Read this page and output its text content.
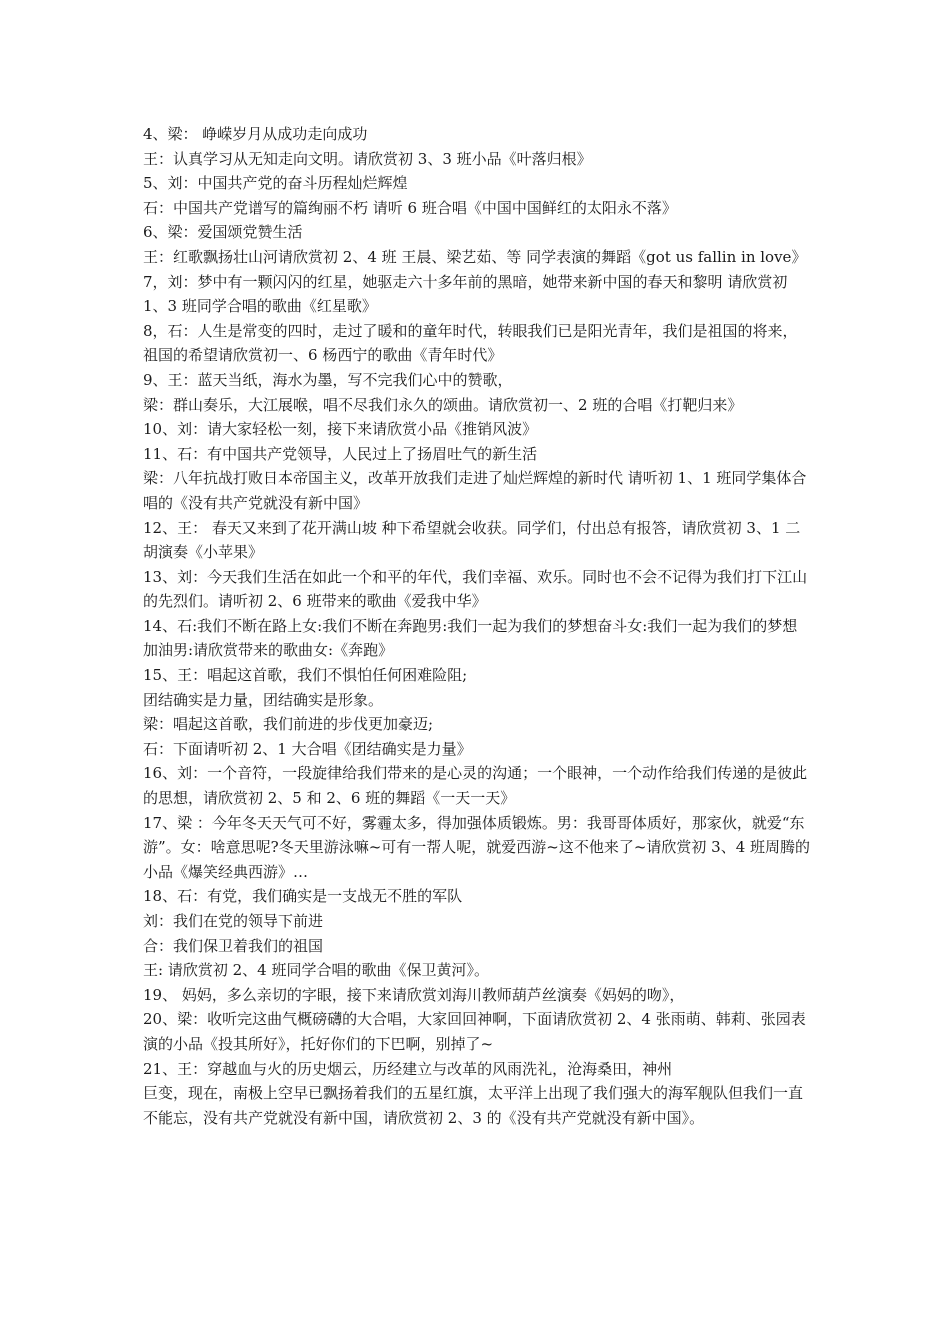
4、梁： 峥嵘岁月从成功走向成功

王：认真学习从无知走向文明。请欣赏初 3、3 班小品《叶落归根》

5、刘：中国共产党的奋斗历程灿烂辉煌

石：中国共产党谱写的篇绚丽不朽 请听 6 班合唱《中国中国鲜红的太阳永不落》

6、梁：爱国颂党赞生活

王：红歌飘扬壮山河请欣赏初 2、4 班 王晨、梁艺茹、等 同学表演的舞蹈《got us fallin in love》

7，刘：梦中有一颗闪闪的红星，她驱走六十多年前的黑暗，她带来新中国的春天和黎明 请欣赏初 1、3 班同学合唱的歌曲《红星歌》

8，石：人生是常变的四时，走过了暖和的童年时代，转眼我们已是阳光青年，我们是祖国的将来，祖国的希望请欣赏初一、6 杨西宁的歌曲《青年时代》

9、王：蓝天当纸，海水为墨，写不完我们心中的赞歌，

梁：群山奏乐，大江展喉，唱不尽我们永久的颂曲。请欣赏初一、2 班的合唱《打靶归来》

10、刘：请大家轻松一刻，接下来请欣赏小品《推销风波》

11、石：有中国共产党领导，人民过上了扬眉吐气的新生活

梁：八年抗战打败日本帝国主义，改革开放我们走进了灿烂辉煌的新时代 请听初 1、1 班同学集体合唱的《没有共产党就没有新中国》

12、王： 春天又来到了花开满山坡 种下希望就会收获。同学们，付出总有报答，请欣赏初 3、1 二胡演奏《小苹果》

13、刘：今天我们生活在如此一个和平的年代，我们幸福、欢乐。同时也不会不记得为我们打下江山的先烈们。请听初 2、6 班带来的歌曲《爱我中华》

14、石:我们不断在路上女:我们不断在奔跑男:我们一起为我们的梦想奋斗女:我们一起为我们的梦想加油男:请欣赏带来的歌曲女:《奔跑》

15、王：唱起这首歌，我们不惧怕任何困难险阻;

团结确实是力量，团结确实是形象。

梁：唱起这首歌，我们前进的步伐更加豪迈;

石：下面请听初 2、1 大合唱《团结确实是力量》

16、刘：一个音符，一段旋律给我们带来的是心灵的沟通；一个眼神，一个动作给我们传递的是彼此的思想，请欣赏初 2、5 和 2、6 班的舞蹈《一天一天》

17、梁 ：今年冬天天气可不好，雾霾太多，得加强体质锻炼。男：我哥哥体质好，那家伙，就爱“东游”。女：啥意思呢?冬天里游泳嘛~可有一帮人呢，就爱西游~这不他来了~请欣赏初 3、4 班周腾的小品《爆笑经典西游》…

18、石：有党，我们确实是一支战无不胜的军队

刘：我们在党的领导下前进

合：我们保卫着我们的祖国

王: 请欣赏初 2、4 班同学合唱的歌曲《保卫黄河》。

19、 妈妈，多么亲切的字眼，接下来请欣赏刘海川教师葫芦丝演奏《妈妈的吻》，

20、梁：收听完这曲气概磅礴的大合唱，大家回回神啊，下面请欣赏初 2、4 张雨萌、韩莉、张园表演的小品《投其所好》，托好你们的下巴啊，别掉了~

21、王：穿越血与火的历史烟云，历经建立与改革的风雨洗礼，沧海桑田，神州

巨变，现在，南极上空早已飘扬着我们的五星红旗，太平洋上出现了我们强大的海军舰队但我们一直不能忘，没有共产党就没有新中国，请欣赏初 2、3 的《没有共产党就没有新中国》。
